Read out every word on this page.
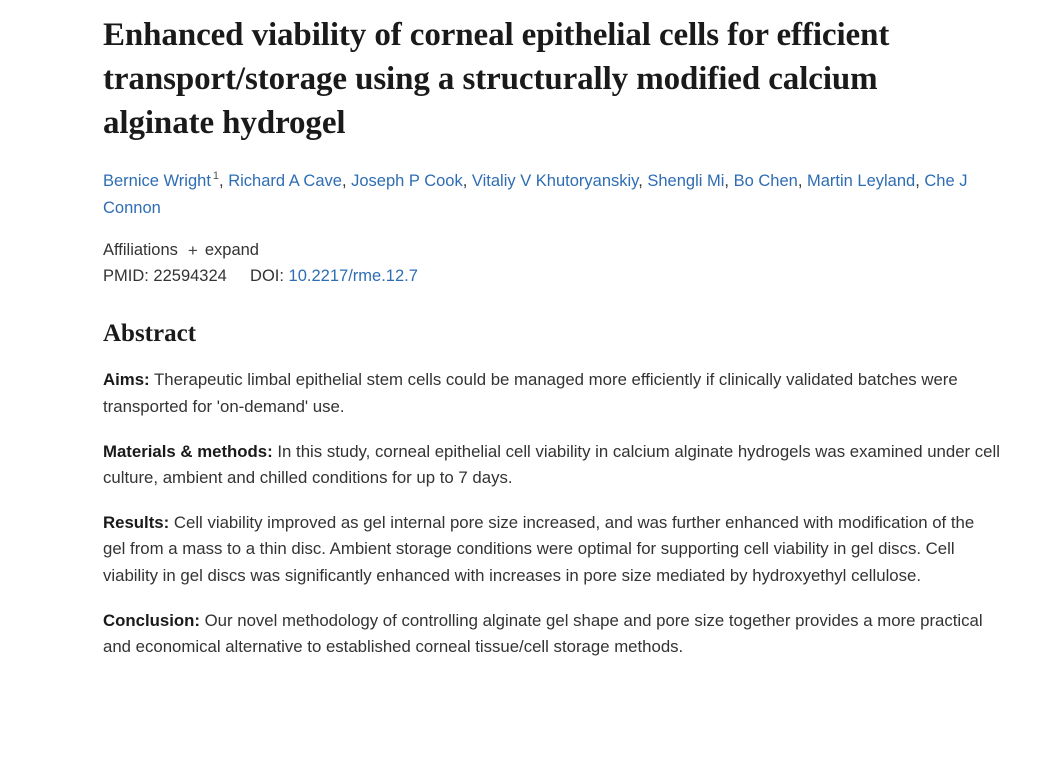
Enhanced viability of corneal epithelial cells for efficient transport/storage using a structurally modified calcium alginate hydrogel
Bernice Wright $^1$, Richard A Cave, Joseph P Cook, Vitaliy V Khutoryanskiy, Shengli Mi, Bo Chen, Martin Leyland, Che J Connon
Affiliations + expand
PMID: 22594324 DOI: 10.2217/rme.12.7
Abstract

Aims: Therapeutic limbal epithelial stem cells could be managed more efficiently if clinically validated batches were transported for 'on-demand' use.

Materials & methods: In this study, corneal epithelial cell viability in calcium alginate hydrogels was examined under cell culture, ambient and chilled conditions for up to 7 days.

Results: Cell viability improved as gel internal pore size increased, and was further enhanced with modification of the gel from a mass to a thin disc. Ambient storage conditions were optimal for supporting cell viability in gel discs. Cell viability in gel discs was significantly enhanced with increases in pore size mediated by hydroxyethyl cellulose.

Conclusion: Our novel methodology of controlling alginate gel shape and pore size together provides a more practical and economical alternative to established corneal tissue/cell storage methods.
